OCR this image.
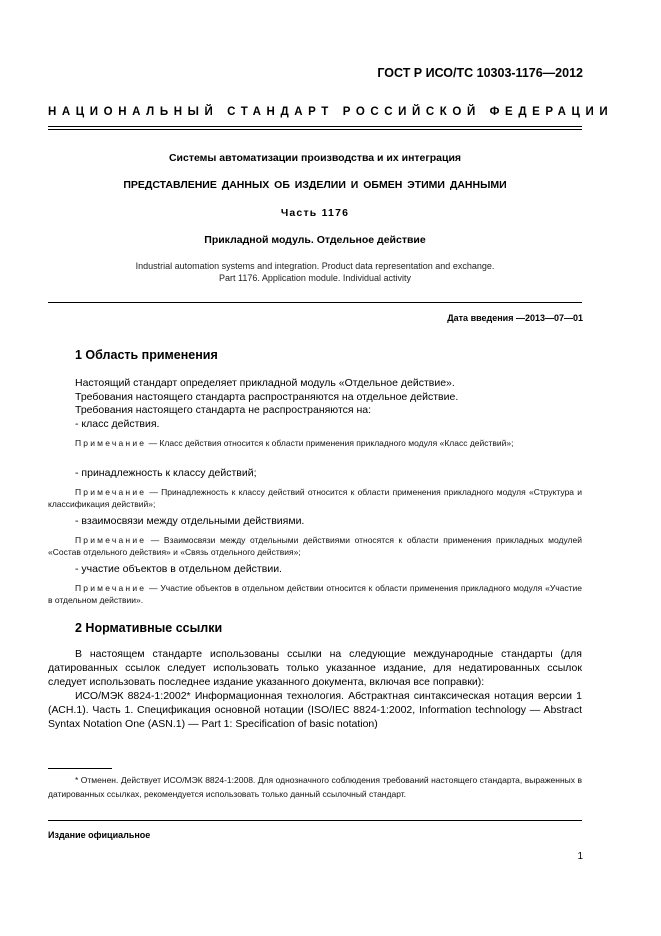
ГОСТ Р ИСО/ТС 10303-1176—2012
НАЦИОНАЛЬНЫЙ СТАНДАРТ РОССИЙСКОЙ ФЕДЕРАЦИИ
Системы автоматизации производства и их интеграция
ПРЕДСТАВЛЕНИЕ ДАННЫХ ОБ ИЗДЕЛИИ И ОБМЕН ЭТИМИ ДАННЫМИ
Часть 1176
Прикладной модуль. Отдельное действие
Industrial automation systems and integration. Product data representation and exchange.
Part 1176. Application module. Individual activity
Дата введения —2013—07—01
1 Область применения
Настоящий стандарт определяет прикладной модуль «Отдельное действие».
Требования настоящего стандарта распространяются на отдельное действие.
Требования настоящего стандарта не распространяются на:
- класс действия.
Примечание — Класс действия относится к области применения прикладного модуля «Класс действий»;
- принадлежность к классу действий;
Примечание — Принадлежность к классу действий относится к области применения прикладного модуля «Структура и классификация действий»;
- взаимосвязи между отдельными действиями.
Примечание — Взаимосвязи между отдельными действиями относятся к области применения прикладных модулей «Состав отдельного действия» и «Связь отдельного действия»;
- участие объектов в отдельном действии.
Примечание — Участие объектов в отдельном действии относится к области применения прикладного модуля «Участие в отдельном действии».
2 Нормативные ссылки
В настоящем стандарте использованы ссылки на следующие международные стандарты (для датированных ссылок следует использовать только указанное издание, для недатированных ссылок следует использовать последнее издание указанного документа, включая все поправки):
ИСО/МЭК 8824-1:2002* Информационная технология. Абстрактная синтаксическая нотация версии 1 (АСН.1). Часть 1. Спецификация основной нотации (ISO/IEC 8824-1:2002, Information technology — Abstract Syntax Notation One (ASN.1) — Part 1: Specification of basic notation)
* Отменен. Действует ИСО/МЭК 8824-1:2008. Для однозначного соблюдения требований настоящего стандарта, выраженных в датированных ссылках, рекомендуется использовать только данный ссылочный стандарт.
Издание официальное
1
